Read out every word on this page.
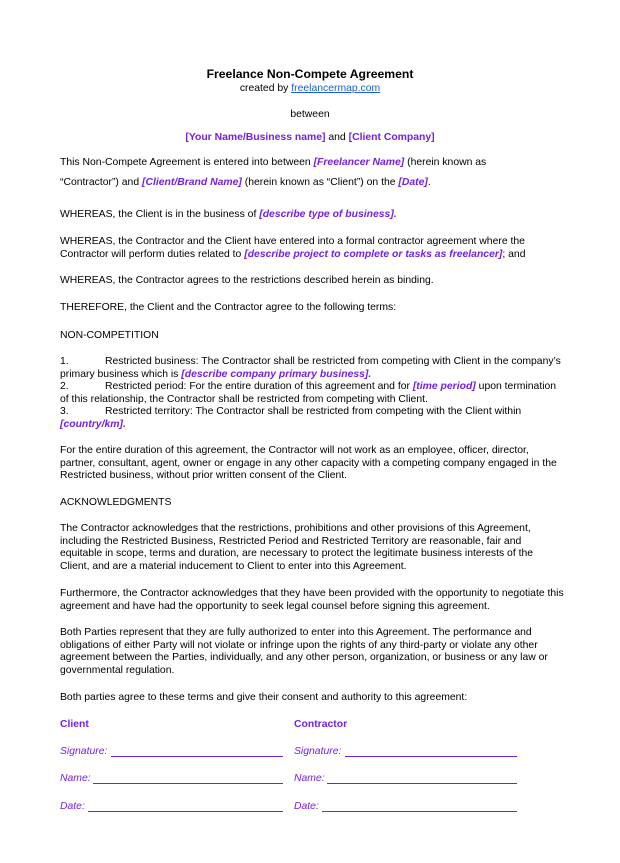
Freelance Non-Compete Agreement
created by freelancermap.com
between
[Your Name/Business name] and [Client Company]
This Non-Compete Agreement is entered into between [Freelancer Name] (herein known as
“Contractor”) and [Client/Brand Name] (herein known as “Client”) on the [Date].
WHEREAS, the Client is in the business of [describe type of business].
WHEREAS, the Contractor and the Client have entered into a formal contractor agreement where the Contractor will perform duties related to [describe project to complete or tasks as freelancer]; and
WHEREAS, the Contractor agrees to the restrictions described herein as binding.
THEREFORE, the Client and the Contractor agree to the following terms:
NON-COMPETITION
1.	Restricted business: The Contractor shall be restricted from competing with Client in the company’s primary business which is [describe company primary business].
2.	Restricted period: For the entire duration of this agreement and for [time period] upon termination of this relationship, the Contractor shall be restricted from competing with Client.
3.	Restricted territory: The Contractor shall be restricted from competing with the Client within [country/km].
For the entire duration of this agreement, the Contractor will not work as an employee, officer, director, partner, consultant, agent, owner or engage in any other capacity with a competing company engaged in the Restricted business, without prior written consent of the Client.
ACKNOWLEDGMENTS
The Contractor acknowledges that the restrictions, prohibitions and other provisions of this Agreement, including the Restricted Business, Restricted Period and Restricted Territory are reasonable, fair and equitable in scope, terms and duration, are necessary to protect the legitimate business interests of the Client, and are a material inducement to Client to enter into this Agreement.
Furthermore, the Contractor acknowledges that they have been provided with the opportunity to negotiate this agreement and have had the opportunity to seek legal counsel before signing this agreement.
Both Parties represent that they are fully authorized to enter into this Agreement. The performance and obligations of either Party will not violate or infringe upon the rights of any third-party or violate any other agreement between the Parties, individually, and any other person, organization, or business or any law or governmental regulation.
Both parties agree to these terms and give their consent and authority to this agreement:
Client	Contractor
Signature:	Signature:
Name:	Name:
Date:	Date:
